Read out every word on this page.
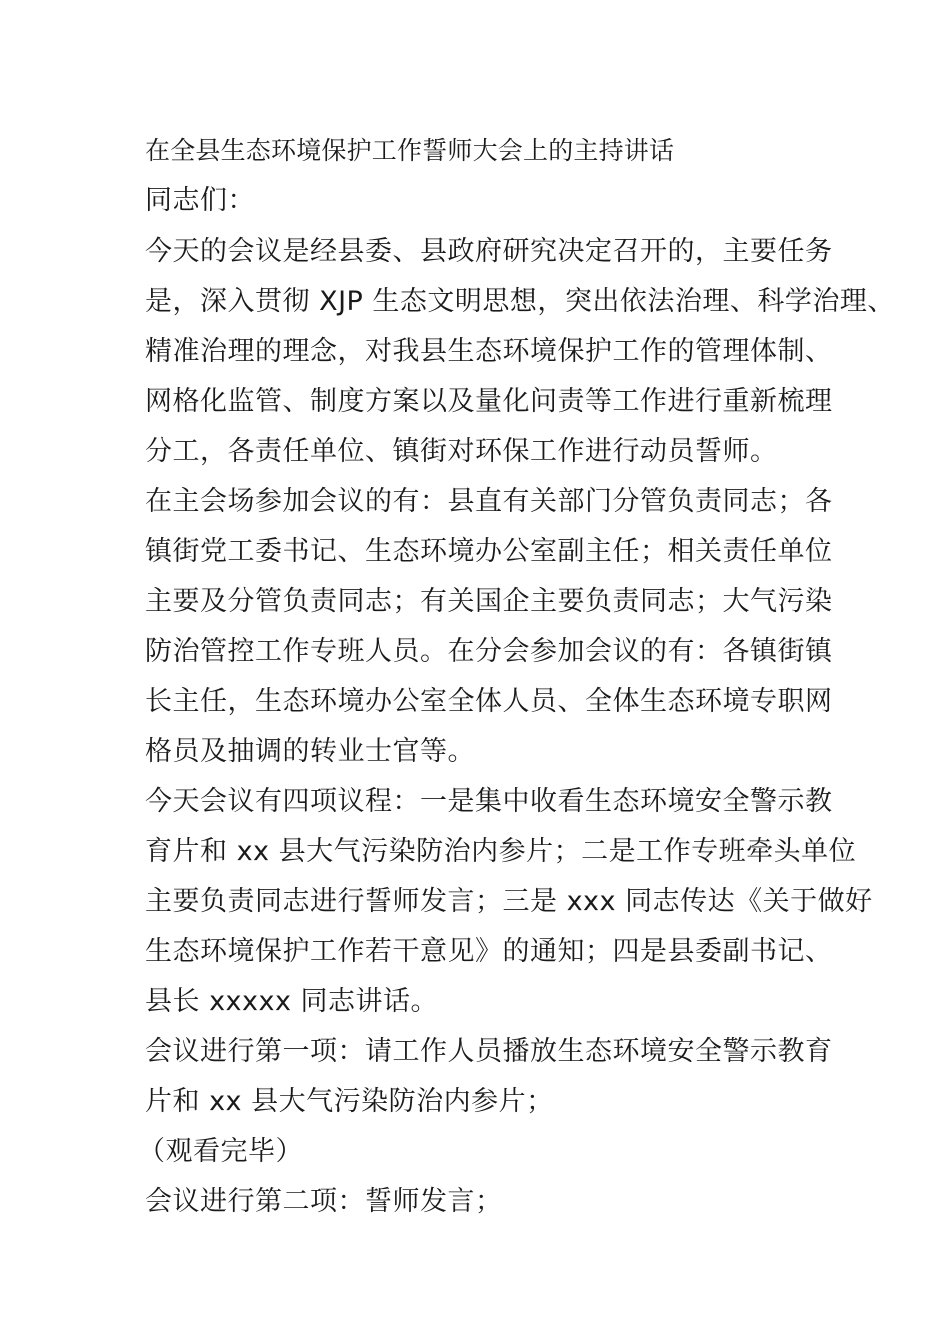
在全县生态环境保护工作誓师大会上的主持讲话
同志们：
今天的会议是经县委、县政府研究决定召开的，主要任务
是，深入贯彻 XJP 生态文明思想，突出依法治理、科学治理、
精准治理的理念，对我县生态环境保护工作的管理体制、
网格化监管、制度方案以及量化问责等工作进行重新梳理
分工，各责任单位、镇街对环保工作进行动员誓师。
在主会场参加会议的有：县直有关部门分管负责同志；各
镇街党工委书记、生态环境办公室副主任；相关责任单位
主要及分管负责同志；有关国企主要负责同志；大气污染
防治管控工作专班人员。在分会参加会议的有：各镇街镇
长主任，生态环境办公室全体人员、全体生态环境专职网
格员及抽调的转业士官等。
今天会议有四项议程：一是集中收看生态环境安全警示教
育片和 xx 县大气污染防治内参片；二是工作专班牵头单位
主要负责同志进行誓师发言；三是 xxx 同志传达《关于做好
生态环境保护工作若干意见》的通知；四是县委副书记、
县长 xxxxx 同志讲话。
会议进行第一项：请工作人员播放生态环境安全警示教育
片和 xx 县大气污染防治内参片；
（观看完毕）
会议进行第二项：誓师发言；
